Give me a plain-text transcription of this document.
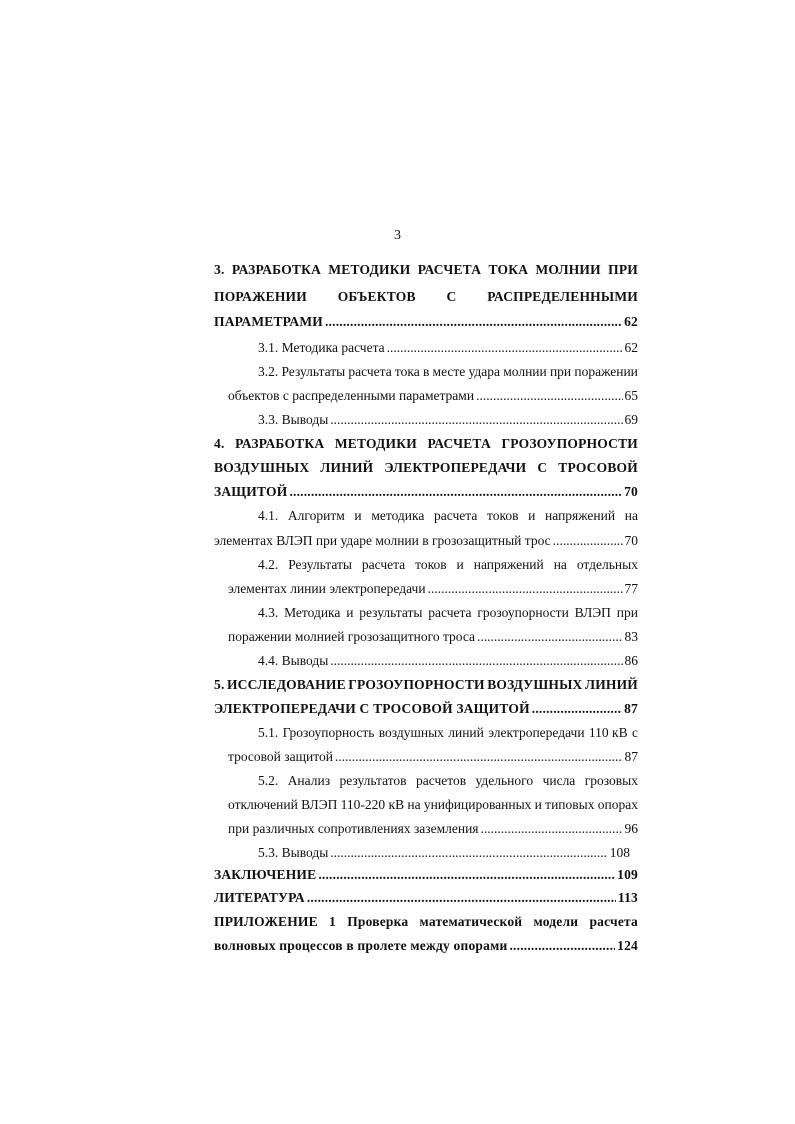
3
3. РАЗРАБОТКА МЕТОДИКИ РАСЧЕТА ТОКА МОЛНИИ ПРИ
ПОРАЖЕНИИ ОБЪЕКТОВ С РАСПРЕДЕЛЕННЫМИ
ПАРАМЕТРАМИ .....	62
3.1. Методика расчета .....	62
3.2. Результаты расчета тока в месте удара молнии при поражении
объектов с распределенными параметрами .....	65
3.3. Выводы .....	69
4. РАЗРАБОТКА МЕТОДИКИ РАСЧЕТА ГРОЗОУПОРНОСТИ
ВОЗДУШНЫХ ЛИНИЙ ЭЛЕКТРОПЕРЕДАЧИ С ТРОСОВОЙ
ЗАЩИТОЙ .....	70
4.1. Алгоритм и методика расчета токов и напряжений на
элементах ВЛЭП при ударе молнии в грозозащитный трос .....	70
4.2. Результаты расчета токов и напряжений на отдельных
элементах линии электропередачи .....	77
4.3. Методика и результаты расчета грозоупорности ВЛЭП при
поражении молнией грозозащитного троса .....	83
4.4. Выводы .....	86
5. ИССЛЕДОВАНИЕ ГРОЗОУПОРНОСТИ ВОЗДУШНЫХ ЛИНИЙ
ЭЛЕКТРОПЕРЕДАЧИ С ТРОСОВОЙ ЗАЩИТОЙ .....	87
5.1. Грозоупорность воздушных линий электропередачи 110 кВ с
тросовой защитой .....	87
5.2. Анализ результатов расчетов удельного числа грозовых
отключений ВЛЭП 110-220 кВ на унифицированных и типовых опорах
при различных сопротивлениях заземления .....	96
5.3. Выводы .....	108
ЗАКЛЮЧЕНИЕ .....	109
ЛИТЕРАТУРА .....	113
ПРИЛОЖЕНИЕ 1 Проверка математической модели расчета
волновых процессов в пролете между опорами .....	124
